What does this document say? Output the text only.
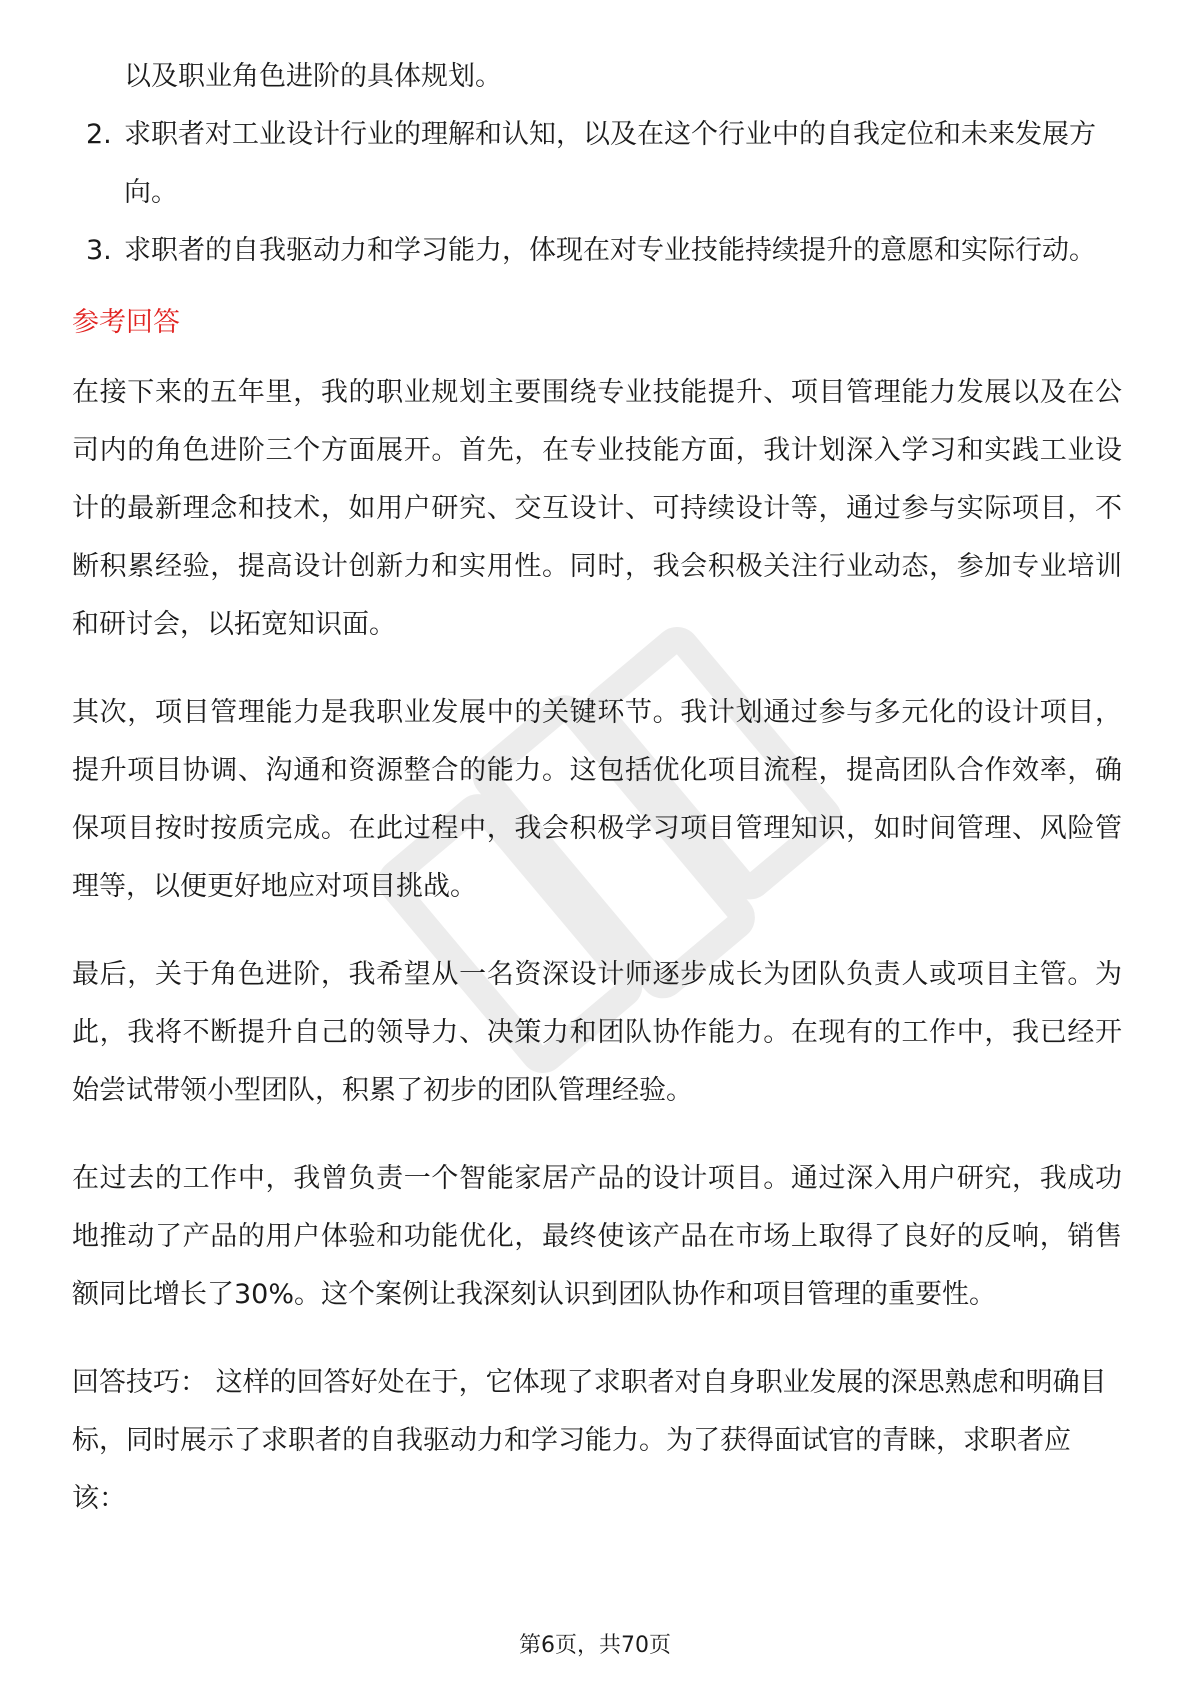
以及职业角色进阶的具体规划。
2. 求职者对工业设计行业的理解和认知，以及在这个行业中的自我定位和未来发展方向。
3. 求职者的自我驱动力和学习能力，体现在对专业技能持续提升的意愿和实际行动。
参考回答

在接下来的五年里，我的职业规划主要围绕专业技能提升、项目管理能力发展以及在公司内的角色进阶三个方面展开。首先，在专业技能方面，我计划深入学习和实践工业设计的最新理念和技术，如用户研究、交互设计、可持续设计等，通过参与实际项目，不断积累经验，提高设计创新力和实用性。同时，我会积极关注行业动态，参加专业培训和研讨会，以拓宽知识面。

其次，项目管理能力是我职业发展中的关键环节。我计划通过参与多元化的设计项目，提升项目协调、沟通和资源整合的能力。这包括优化项目流程，提高团队合作效率，确保项目按时按质完成。在此过程中，我会积极学习项目管理知识，如时间管理、风险管理等，以便更好地应对项目挑战。

最后，关于角色进阶，我希望从一名资深设计师逐步成长为团队负责人或项目主管。为此，我将不断提升自己的领导力、决策力和团队协作能力。在现有的工作中，我已经开始尝试带领小型团队，积累了初步的团队管理经验。

在过去的工作中，我曾负责一个智能家居产品的设计项目。通过深入用户研究，我成功地推动了产品的用户体验和功能优化，最终使该产品在市场上取得了良好的反响，销售额同比增长了30%。这个案例让我深刻认识到团队协作和项目管理的重要性。

回答技巧： 这样的回答好处在于，它体现了求职者对自身职业发展的深思熟虑和明确目标，同时展示了求职者的自我驱动力和学习能力。为了获得面试官的青睐，求职者应该：

第6页，共70页
